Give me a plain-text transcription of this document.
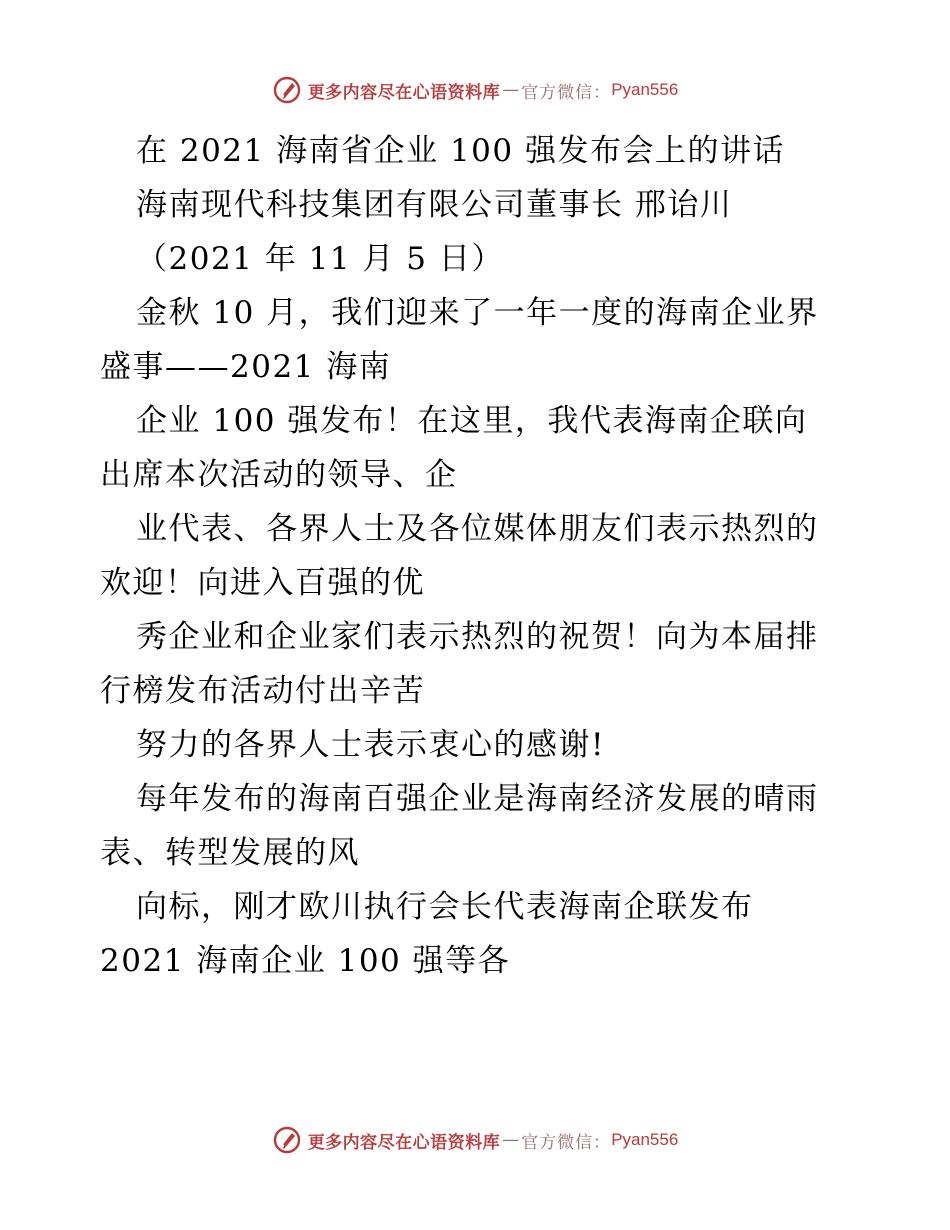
更多内容尽在心语资料库 — 官方微信： Pyan556
在 2021 海南省企业 100 强发布会上的讲话
海南现代科技集团有限公司董事长 邢诒川
（2021 年 11 月 5 日）
金秋 10 月，我们迎来了一年一度的海南企业界
盛事——2021 海南
企业 100 强发布！在这里，我代表海南企联向
出席本次活动的领导、企
业代表、各界人士及各位媒体朋友们表示热烈的
欢迎！向进入百强的优
秀企业和企业家们表示热烈的祝贺！向为本届排
行榜发布活动付出辛苦
努力的各界人士表示衷心的感谢!
每年发布的海南百强企业是海南经济发展的晴雨
表、转型发展的风
向标，刚才欧川执行会长代表海南企联发布
2021 海南企业 100 强等各
更多内容尽在心语资料库 — 官方微信： Pyan556
